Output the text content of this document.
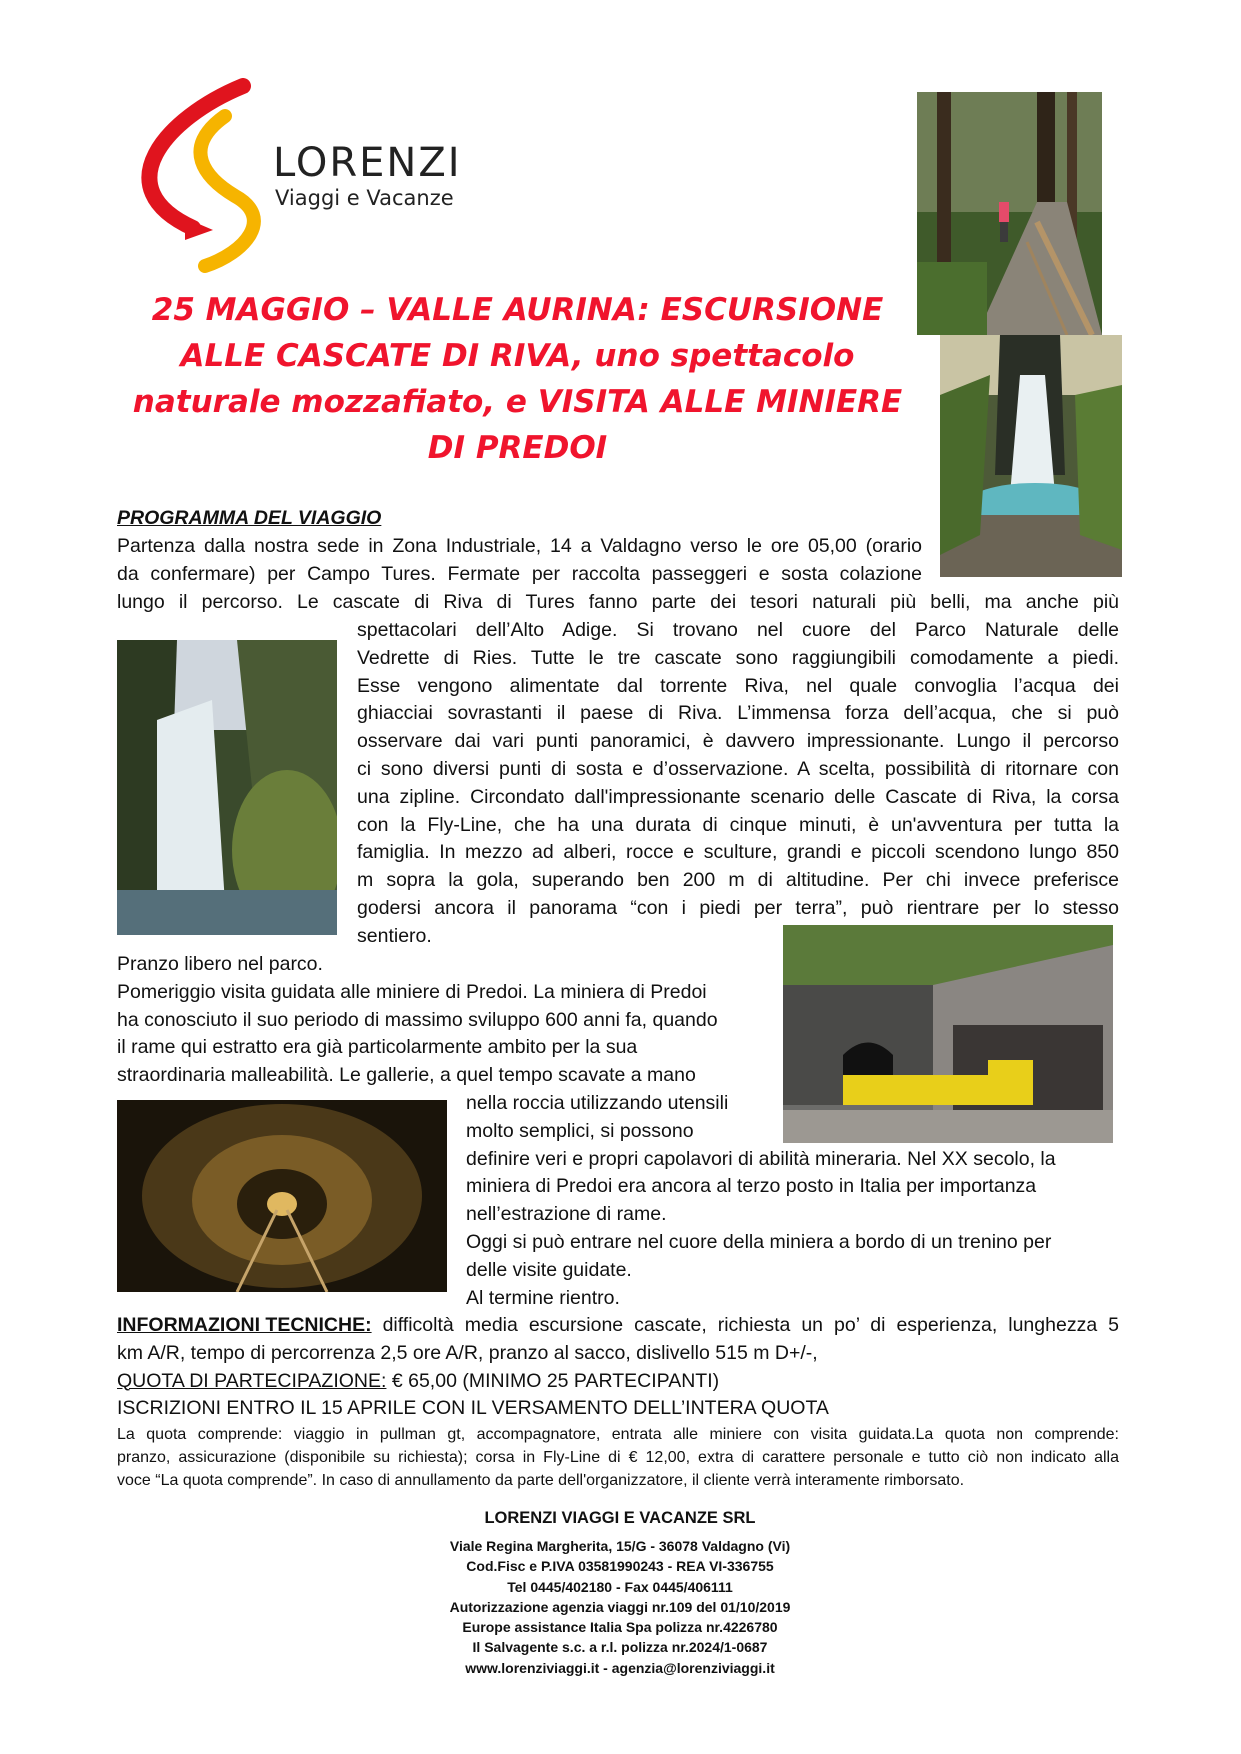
LORENZI
Viaggi e Vacanze
25 MAGGIO – VALLE AURINA: ESCURSIONE
ALLE CASCATE DI RIVA, uno spettacolo
naturale mozzafiato, e VISITA ALLE MINIERE
DI PREDOI
PROGRAMMA DEL VIAGGIO
Partenza dalla nostra sede in Zona Industriale, 14 a Valdagno verso le ore 05,00 (orario
da confermare) per Campo Tures. Fermate per raccolta passeggeri e sosta colazione
lungo il percorso. Le cascate di Riva di Tures fanno parte dei tesori naturali più belli, ma anche più
spettacolari dell’Alto Adige. Si trovano nel cuore del Parco Naturale delle
Vedrette di Ries. Tutte le tre cascate sono raggiungibili comodamente a piedi.
Esse vengono alimentate dal torrente Riva, nel quale convoglia l’acqua dei
ghiacciai sovrastanti il paese di Riva. L’immensa forza dell’acqua, che si può
osservare dai vari punti panoramici, è davvero impressionante. Lungo il percorso
ci sono diversi punti di sosta e d’osservazione. A scelta, possibilità di ritornare con
una zipline. Circondato dall'impressionante scenario delle Cascate di Riva, la corsa
con la Fly-Line, che ha una durata di cinque minuti, è un'avventura per tutta la
famiglia. In mezzo ad alberi, rocce e sculture, grandi e piccoli scendono lungo 850
m sopra la gola, superando ben 200 m di altitudine. Per chi invece preferisce
godersi ancora il panorama “con i piedi per terra”, può rientrare per lo stesso
sentiero.
Pranzo libero nel parco.
Pomeriggio visita guidata alle miniere di Predoi. La miniera di Predoi
ha conosciuto il suo periodo di massimo sviluppo 600 anni fa, quando
il rame qui estratto era già particolarmente ambito per la sua
straordinaria malleabilità. Le gallerie, a quel tempo scavate a mano
nella roccia utilizzando utensili
molto semplici, si possono
definire veri e propri capolavori di abilità mineraria. Nel XX secolo, la
miniera di Predoi era ancora al terzo posto in Italia per importanza
nell’estrazione di rame.
Oggi si può entrare nel cuore della miniera a bordo di un trenino per
delle visite guidate.
Al termine rientro.
INFORMAZIONI TECNICHE: difficoltà media escursione cascate, richiesta un po’ di esperienza, lunghezza 5
km A/R, tempo di percorrenza 2,5 ore A/R, pranzo al sacco, dislivello 515 m D+/-,
QUOTA DI PARTECIPAZIONE: € 65,00 (MINIMO 25 PARTECIPANTI)
ISCRIZIONI ENTRO IL 15 APRILE CON IL VERSAMENTO DELL’INTERA QUOTA
La quota comprende: viaggio in pullman gt, accompagnatore, entrata alle miniere con visita guidata.La quota non comprende:
pranzo, assicurazione (disponibile su richiesta); corsa in Fly-Line di € 12,00, extra di carattere personale e tutto ciò non indicato alla
voce “La quota comprende”. In caso di annullamento da parte dell'organizzatore, il cliente verrà interamente rimborsato.
LORENZI VIAGGI E VACANZE SRL
Viale Regina Margherita, 15/G - 36078 Valdagno (Vi)
Cod.Fisc e P.IVA 03581990243 - REA VI-336755
Tel 0445/402180 - Fax 0445/406111
Autorizzazione agenzia viaggi nr.109 del 01/10/2019
Europe assistance Italia Spa polizza nr.4226780
Il Salvagente s.c. a r.l. polizza nr.2024/1-0687
www.lorenziviaggi.it - agenzia@lorenziviaggi.it
